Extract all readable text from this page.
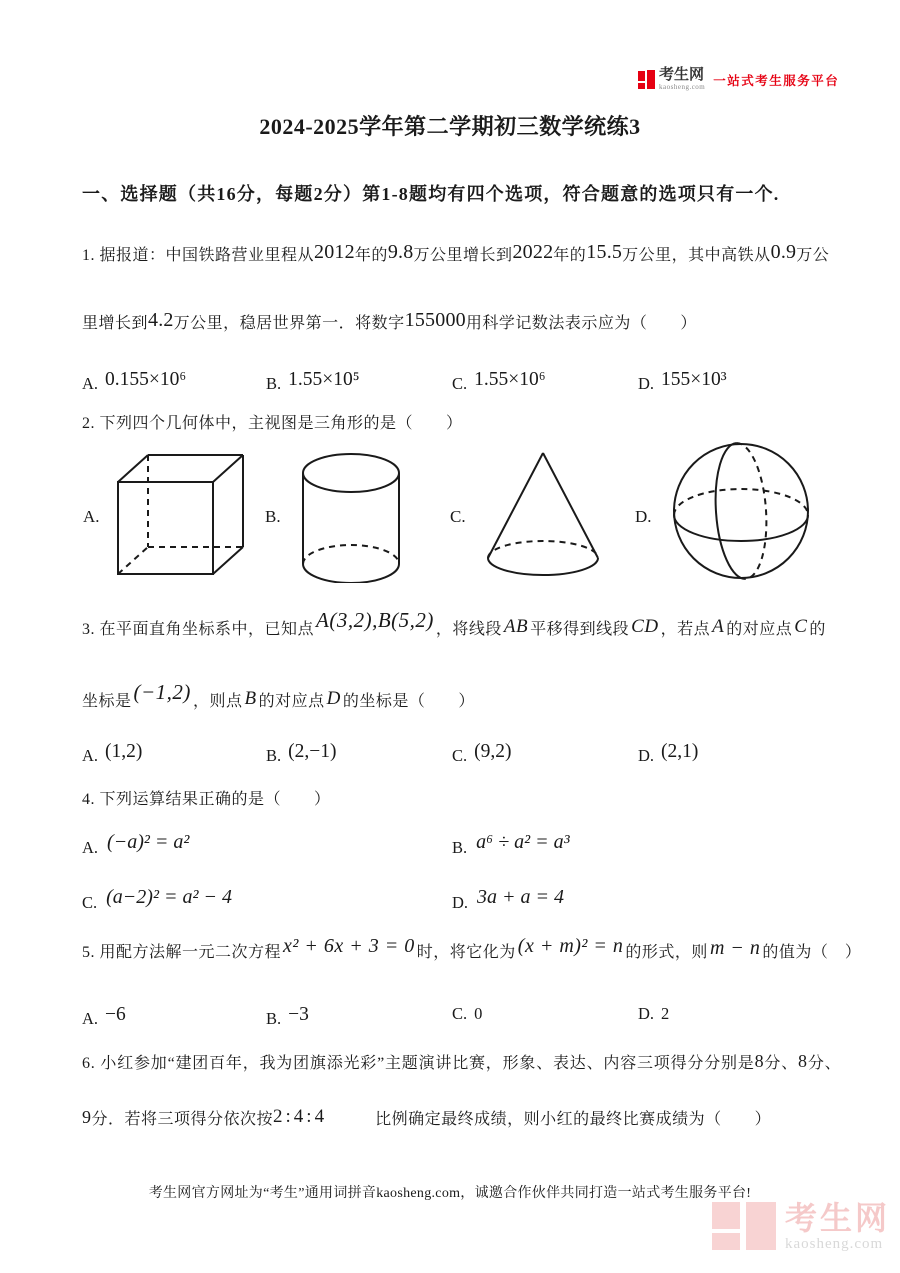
考生网
kaosheng.com 一站式考生服务平台
2024-2025学年第二学期初三数学统练3
一、选择题（共16分，每题2分）第1-8题均有四个选项，符合题意的选项只有一个.
1. 据报道：中国铁路营业里程从2012年的9.8万公里增长到2022年的15.5万公里，其中高铁从0.9万公
里增长到4.2万公里，稳居世界第一．将数字155000用科学记数法表示应为（　　）
A. 0.155×10⁶	B. 1.55×10⁵	C. 1.55×10⁶	D. 155×10³
2. 下列四个几何体中，主视图是三角形的是（　　）
A.	B.	C.	D.
3. 在平面直角坐标系中，已知点A(3,2),B(5,2) ，将线段 AB 平移得到线段 CD ，若点 A 的对应点 C 的
坐标是(−1,2) ，则点 B 的对应点 D 的坐标是（　　）
A. (1,2)	B. (2,−1)	C. (9,2)	D. (2,1)
4. 下列运算结果正确的是（　　）
A. (−a)² = a²	B. a⁶ ÷ a² = a³
C. (a−2)² = a² − 4	D. 3a + a = 4
5. 用配方法解一元二次方程 x² + 6x + 3 = 0 时，将它化为 (x + m)² = n 的形式，则 m − n 的值为（　）
A. −6	B. −3	C. 0	D. 2
6. 小红参加“建团百年，我为团旗添光彩”主题演讲比赛，形象、表达、内容三项得分分别是8分、8分、
9分．若将三项得分依次按2:4:4	比例确定最终成绩，则小红的最终比赛成绩为（　　）
考生网官方网址为“考生”通用词拼音kaosheng.com，诚邀合作伙伴共同打造一站式考生服务平台!
考生网
kaosheng.com
